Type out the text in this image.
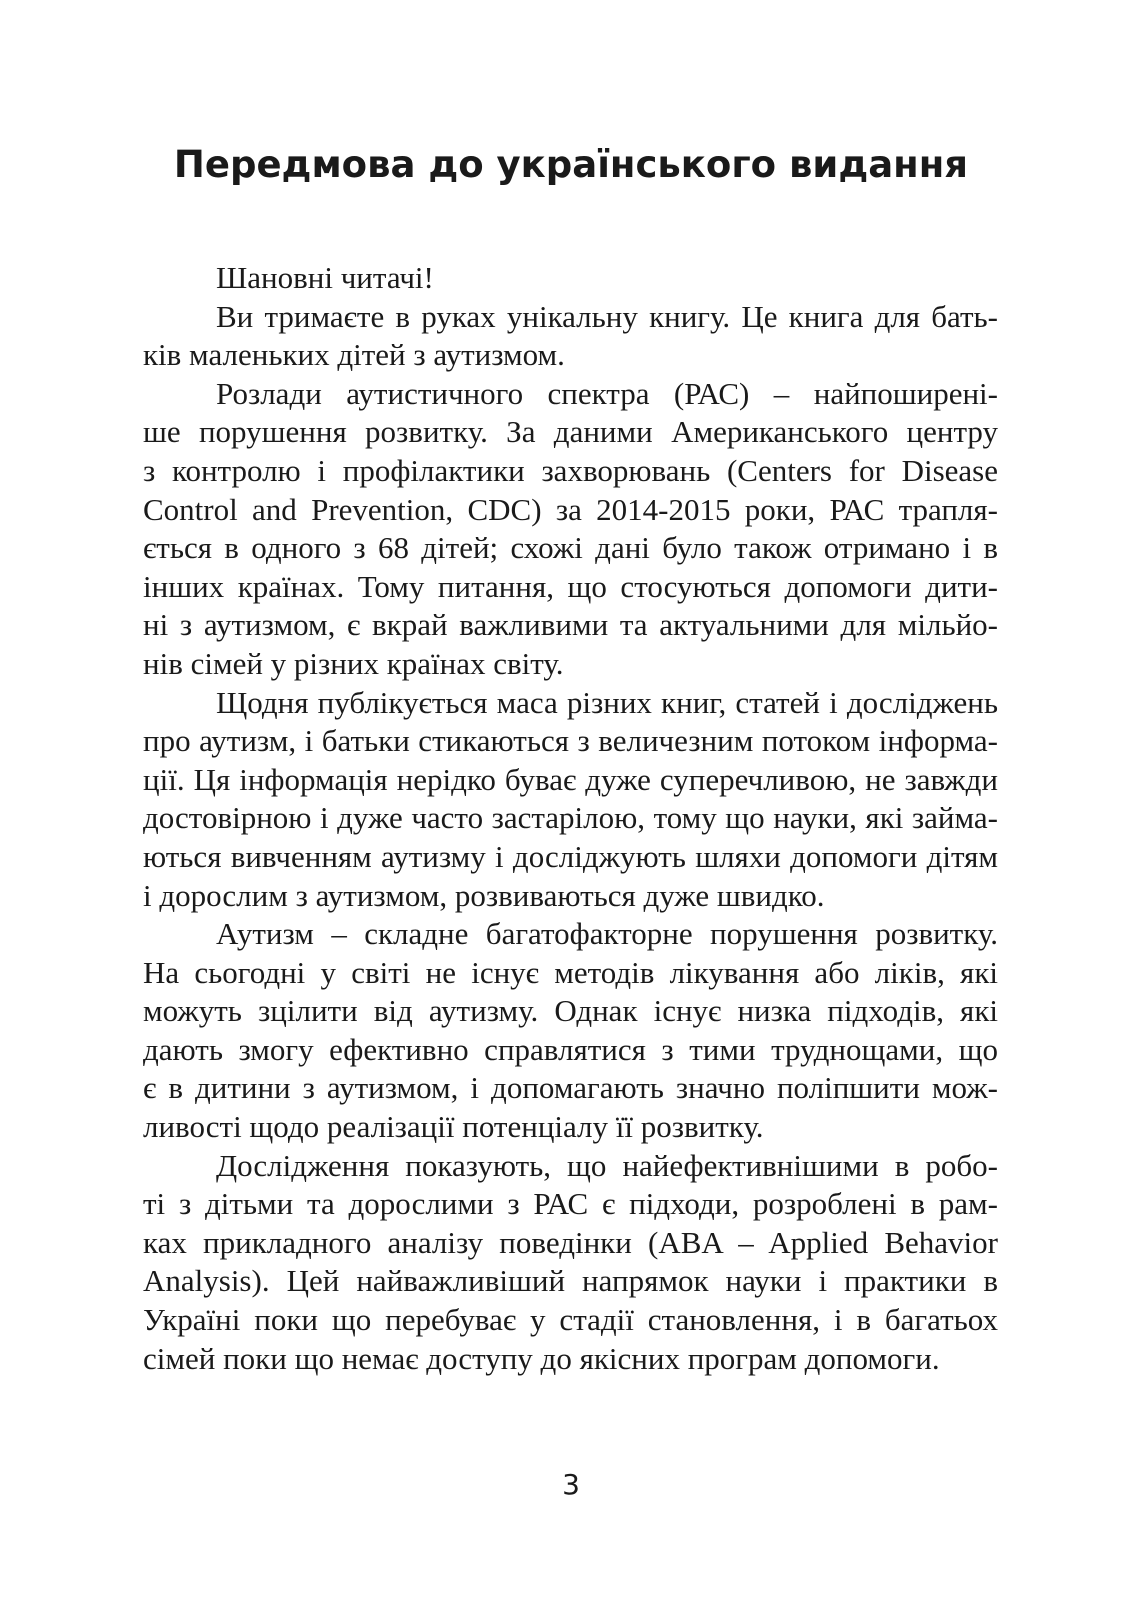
Передмова до українського видання
Шановні читачі!
Ви тримаєте в руках унікальну книгу. Це книга для бать-
ків маленьких дітей з аутизмом.
Розлади аутистичного спектра (РАС) – найпоширені-
ше порушення розвитку. За даними Американського центру
з контролю і профілактики захворювань (Centers for Disease
Control and Prevention, CDC) за 2014-2015 роки, РАС трапля-
ється в одного з 68 дітей; схожі дані було також отримано і в
інших країнах. Тому питання, що стосуються допомоги дити-
ні з аутизмом, є вкрай важливими та актуальними для мільйо-
нів сімей у різних країнах світу.
Щодня публікується маса різних книг, статей і досліджень
про аутизм, і батьки стикаються з величезним потоком інформа-
ції. Ця інформація нерідко буває дуже суперечливою, не завжди
достовірною і дуже часто застарілою, тому що науки, які займа-
ються вивченням аутизму і досліджують шляхи допомоги дітям
і дорослим з аутизмом, розвиваються дуже швидко.
Аутизм – складне багатофакторне порушення розвитку.
На сьогодні у світі не існує методів лікування або ліків, які
можуть зцілити від аутизму. Однак існує низка підходів, які
дають змогу ефективно справлятися з тими труднощами, що
є в дитини з аутизмом, і допомагають значно поліпшити мож-
ливості щодо реалізації потенціалу її розвитку.
Дослідження показують, що найефективнішими в робо-
ті з дітьми та дорослими з РАС є підходи, розроблені в рам-
ках прикладного аналізу поведінки (ABA – Applied Behavior
Analysis). Цей найважливіший напрямок науки і практики в
Україні поки що перебуває у стадії становлення, і в багатьох
сімей поки що немає доступу до якісних програм допомоги.
3
